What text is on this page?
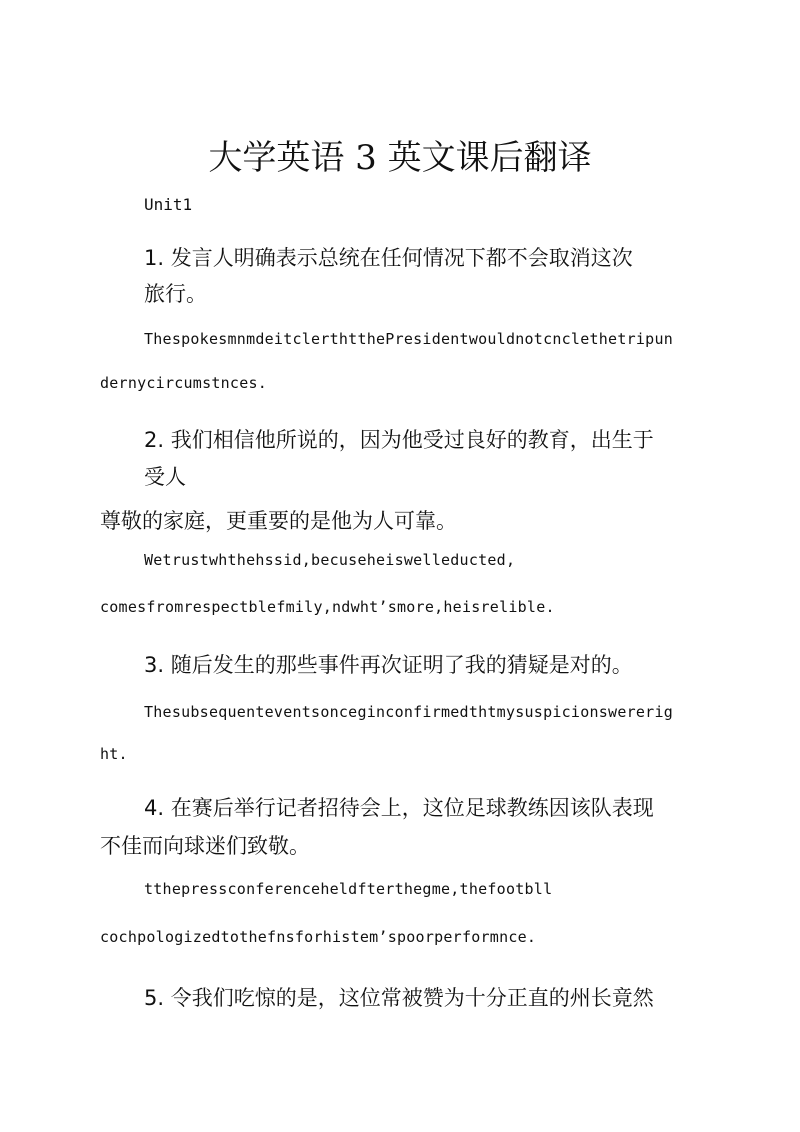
大学英语 3 英文课后翻译
Unit1

1. 发言人明确表示总统在任何情况下都不会取消这次

旅行。

ThespokesmnmdeitclerthtthePresidentwouldnotcnclethetripun

dernycircumstnces.

2. 我们相信他所说的，因为他受过良好的教育，出生于

受人

尊敬的家庭，更重要的是他为人可靠。

Wetrustwhthehssid,becuseheiswelleducted,

comesfromrespectblefmily,ndwht’smore,heisrelible.

3. 随后发生的那些事件再次证明了我的猜疑是对的。

Thesubsequenteventsonceginconfirmedthtmysuspicionswererig

ht.

4. 在赛后举行记者招待会上，这位足球教练因该队表现

不佳而向球迷们致敬。

tthepressconferenceheldfterthegme,thefootbll

cochpologizedtothefnsforhistem’spoorperformnce.

5. 令我们吃惊的是，这位常被赞为十分正直的州长竟然
